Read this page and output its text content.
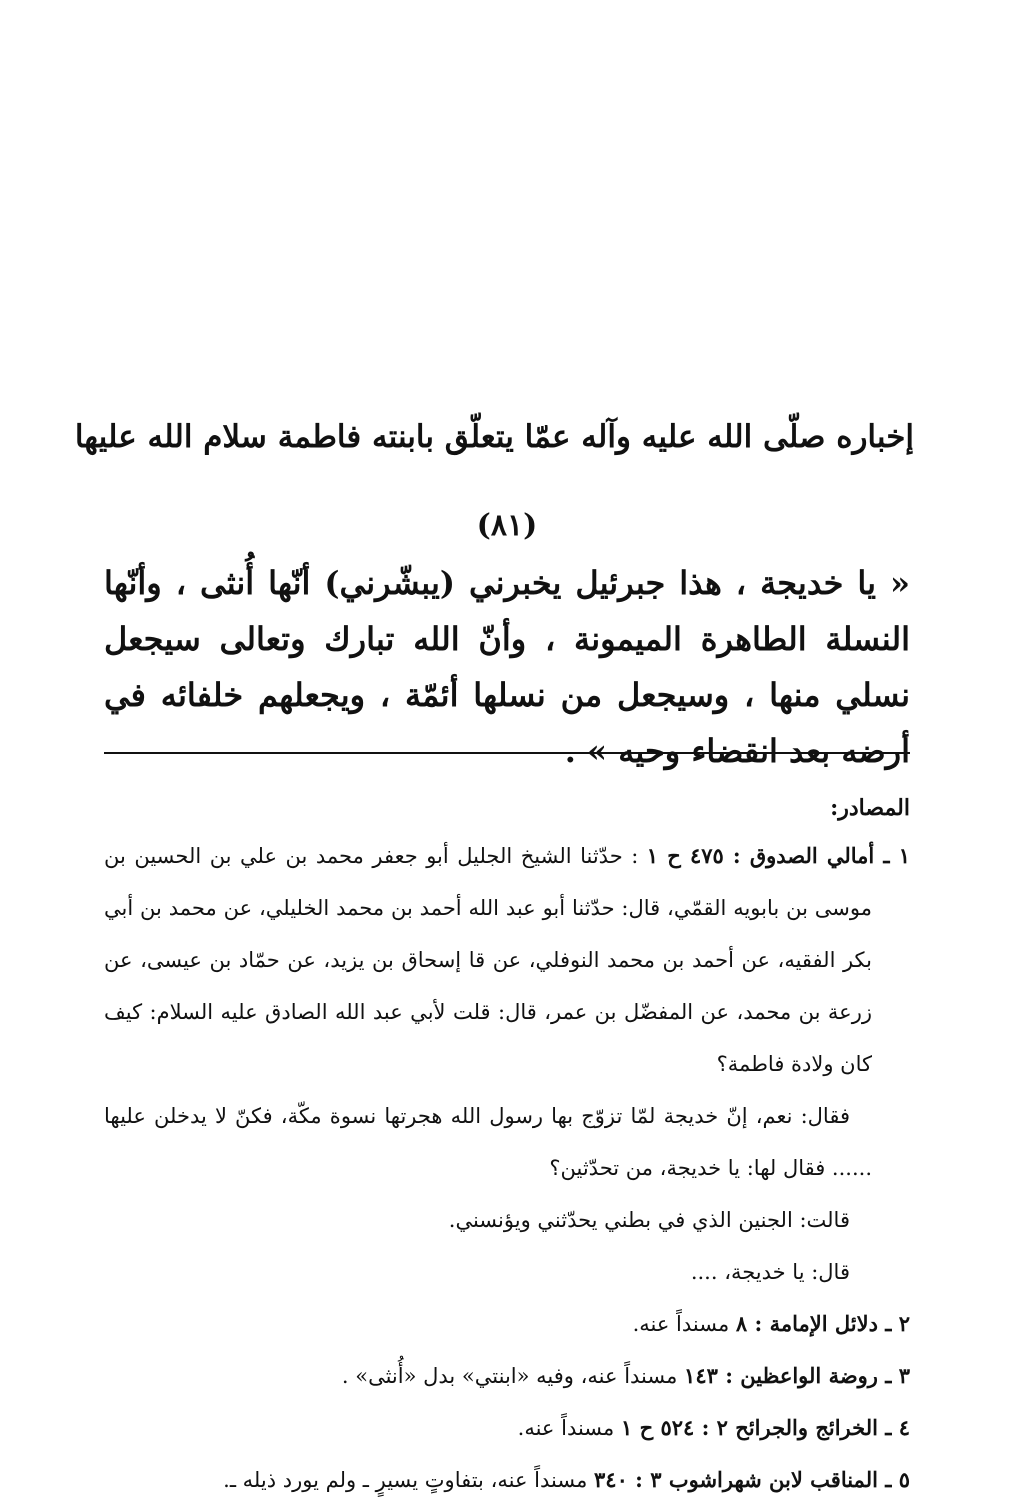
إخباره صلّى الله عليه وآله عمّا يتعلّق بابنته فاطمة سلام الله عليها
(٨١)
« يا خديجة ، هذا جبرئيل يخبرني (يبشّرني) أنّها أُنثى ، وأنّها النسلة الطاهرة الميمونة ، وأنّ الله تبارك وتعالى سيجعل نسلي منها ، وسيجعل من نسلها أئمّة ، ويجعلهم خلفائه في أرضه بعد انقضاء وحيه » .
المصادر:
١ ـ أمالي الصدوق : ٤٧٥ ح ١ : حدّثنا الشيخ الجليل أبو جعفر محمد بن علي بن الحسين بن موسى بن بابويه القمّي، قال: حدّثنا أبو عبد الله أحمد بن محمد الخليلي، عن محمد بن أبي بكر الفقيه، عن أحمد بن محمد النوفلي، عن قا إسحاق بن يزيد، عن حمّاد بن عيسى، عن زرعة بن محمد، عن المفضّل بن عمر، قال: قلت لأبي عبد الله الصادق عليه السلام: كيف كان ولادة فاطمة؟
فقال: نعم، إنّ خديجة لمّا تزوّج بها رسول الله هجرتها نسوة مكّة، فكنّ لا يدخلن عليها ...... فقال لها: يا خديجة، من تحدّثين؟
قالت: الجنين الذي في بطني يحدّثني ويؤنسني.
قال: يا خديجة، ....
٢ ـ دلائل الإمامة : ٨ مسنداً عنه.
٣ ـ روضة الواعظين : ١٤٣ مسنداً عنه، وفيه «ابنتي» بدل «أُنثى» .
٤ ـ الخرائج والجرائح ٢ : ٥٢٤ ح ١ مسنداً عنه.
٥ ـ المناقب لابن شهراشوب ٣ : ٣٤٠ مسنداً عنه، بتفاوتٍ يسيرٍ ـ ولم يورد ذيله ـ.
